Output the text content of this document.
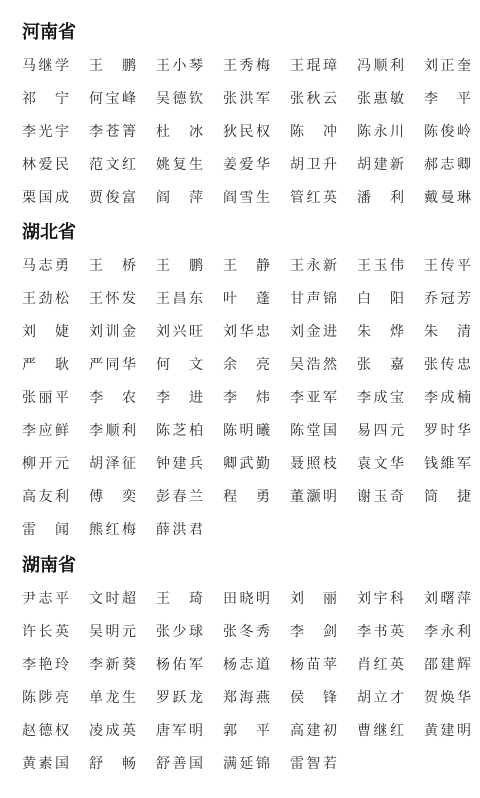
河南省
马继学 王 鹏 王小琴 王秀梅 王琨璋 冯顺利 刘正奎
祁 宁 何宝峰 吴德钦 张洪军 张秋云 张惠敏 李 平
李光宇 李苍箐 杜 冰 狄民权 陈 冲 陈永川 陈俊岭
林爱民 范文红 姚复生 姜爱华 胡卫升 胡建新 郝志卿
栗国成 贾俊富 阎 萍 阎雪生 管红英 潘 利 戴曼琳
湖北省
马志勇 王 桥 王 鹏 王 静 王永新 王玉伟 王传平
王劲松 王怀发 王昌东 叶 蓬 甘声锦 白 阳 乔冠芳
刘 婕 刘训金 刘兴旺 刘华忠 刘金进 朱 烨 朱 清
严 耿 严同华 何 文 余 亮 吴浩然 张 嘉 张传忠
张丽平 李 农 李 进 李 炜 李亚军 李成宝 李成楠
李应鲜 李顺利 陈芝柏 陈明曦 陈堂国 易四元 罗时华
柳开元 胡泽征 钟建兵 卿武勤 聂照枝 袁文华 钱維军
高友利 傅 奕 彭春兰 程 勇 董灏明 谢玉奇 筒 捷
雷 闻 熊红梅 薛洪君
湖南省
尹志平 文时超 王 琦 田晓明 刘 丽 刘宇科 刘曙萍
许长英 吴明元 张少球 张冬秀 李 剑 李书英 李永利
李艳玲 李新葵 杨佑军 杨志道 杨苗苹 肖红英 邵建辉
陈陟亮 单龙生 罗跃龙 郑海燕 侯 锋 胡立才 贺焕华
赵德权 凌成英 唐军明 郭 平 高建初 曹继红 黄建明
黄素国 舒 畅 舒善国 满延锦 雷智若
